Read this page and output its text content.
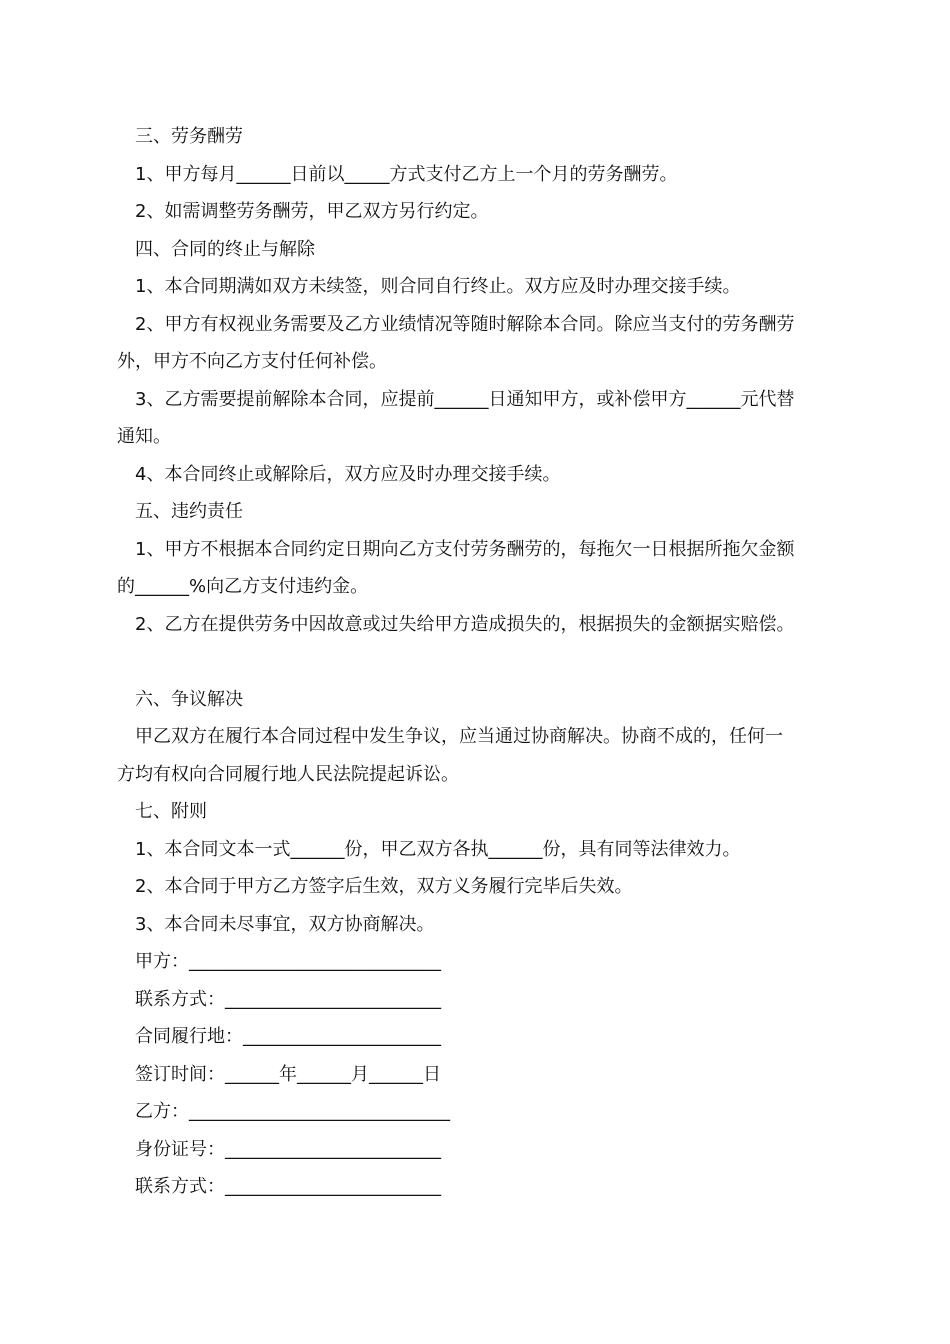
三、劳务酬劳
1、甲方每月______日前以_____方式支付乙方上一个月的劳务酬劳。
2、如需调整劳务酬劳，甲乙双方另行约定。
四、合同的终止与解除
1、本合同期满如双方未续签，则合同自行终止。双方应及时办理交接手续。
2、甲方有权视业务需要及乙方业绩情况等随时解除本合同。除应当支付的劳务酬劳
外，甲方不向乙方支付任何补偿。
3、乙方需要提前解除本合同，应提前______日通知甲方，或补偿甲方______元代替
通知。
4、本合同终止或解除后，双方应及时办理交接手续。
五、违约责任
1、甲方不根据本合同约定日期向乙方支付劳务酬劳的，每拖欠一日根据所拖欠金额
的______%向乙方支付违约金。
2、乙方在提供劳务中因故意或过失给甲方造成损失的，根据损失的金额据实赔偿。
六、争议解决
甲乙双方在履行本合同过程中发生争议，应当通过协商解决。协商不成的，任何一
方均有权向合同履行地人民法院提起诉讼。
七、附则
1、本合同文本一式______份，甲乙双方各执______份，具有同等法律效力。
2、本合同于甲方乙方签字后生效，双方义务履行完毕后失效。
3、本合同未尽事宜，双方协商解决。
甲方：____________________________
联系方式：________________________
合同履行地：______________________
签订时间：______年______月______日
乙方：_____________________________
身份证号：________________________
联系方式：________________________
